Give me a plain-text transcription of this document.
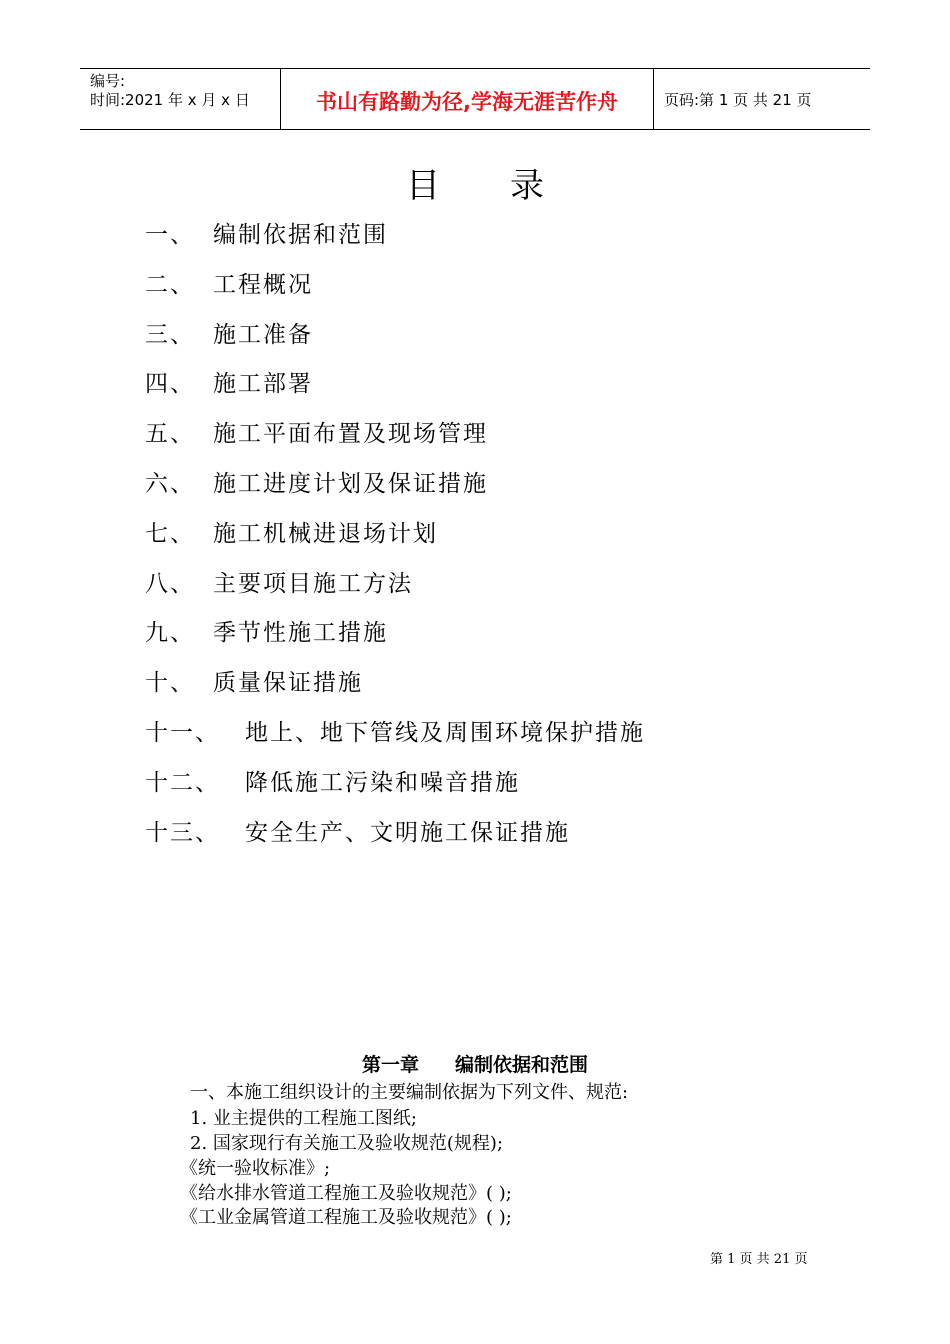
编号:
时间:2021 年 x 月 x 日	书山有路勤为径,学海无涯苦作舟	页码:第 1 页 共 21 页
目录
一、 编制依据和范围
二、 工程概况
三、 施工准备
四、 施工部署
五、 施工平面布置及现场管理
六、 施工进度计划及保证措施
七、 施工机械进退场计划
八、 主要项目施工方法
九、 季节性施工措施
十、 质量保证措施
十一、 地上、地下管线及周围环境保护措施
十二、 降低施工污染和噪音措施
十三、 安全生产、文明施工保证措施
第一章 编制依据和范围
一、本施工组织设计的主要编制依据为下列文件、规范:
1. 业主提供的工程施工图纸;
2. 国家现行有关施工及验收规范(规程);
《统一验收标准》;
《给水排水管道工程施工及验收规范》( );
《工业金属管道工程施工及验收规范》( );
第 1 页 共 21 页
